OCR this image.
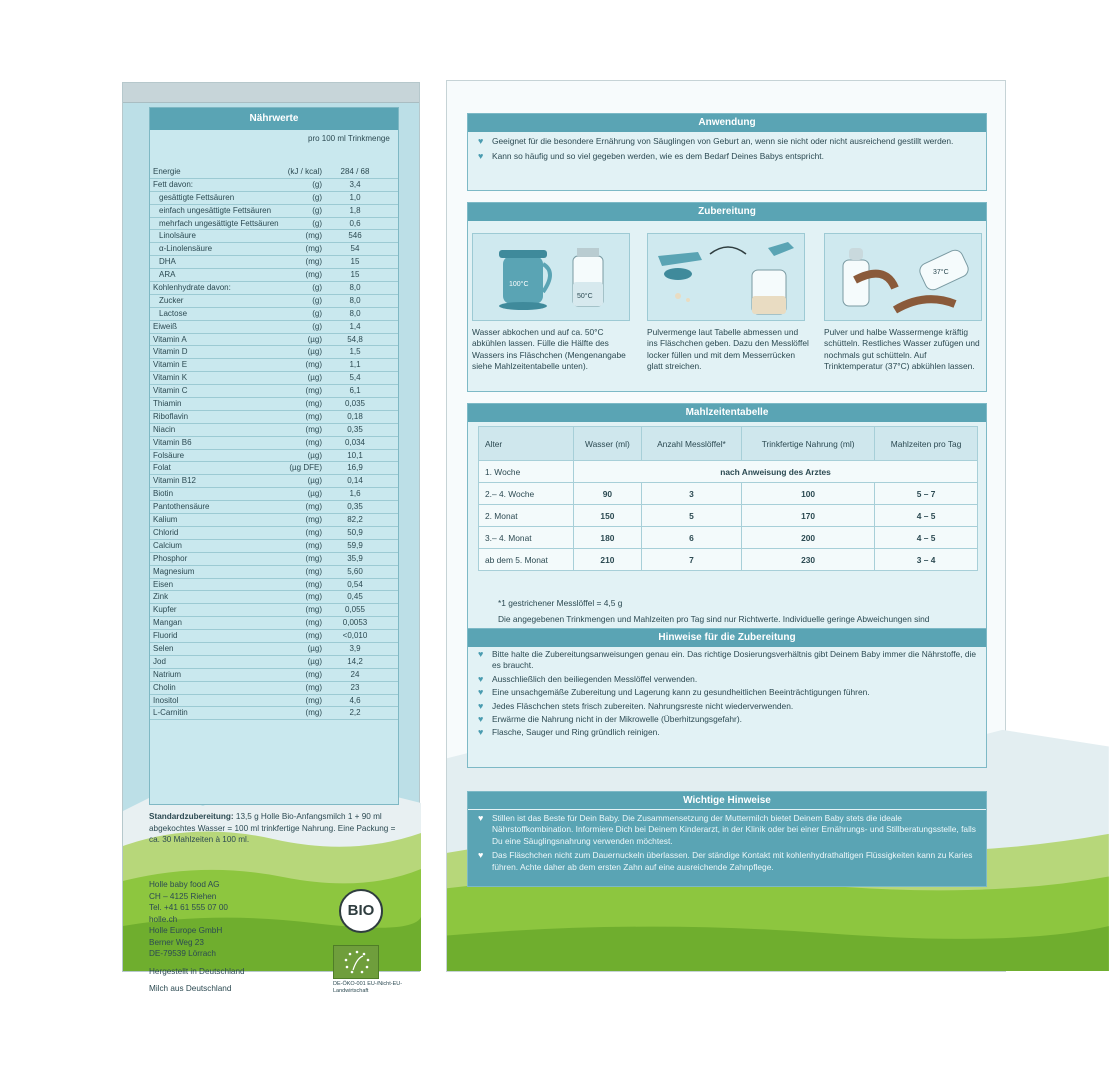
Nährwerte
pro 100 ml Trinkmenge
Energie	(kJ / kcal)	284 / 68
Fett davon:	(g)	3,4
gesättigte Fettsäuren	(g)	1,0
einfach ungesättigte Fettsäuren	(g)	1,8
mehrfach ungesättigte Fettsäuren	(g)	0,6
Linolsäure	(mg)	546
α-Linolensäure	(mg)	54
DHA	(mg)	15
ARA	(mg)	15
Kohlenhydrate davon:	(g)	8,0
Zucker	(g)	8,0
Lactose	(g)	8,0
Eiweiß	(g)	1,4
Vitamin A	(µg)	54,8
Vitamin D	(µg)	1,5
Vitamin E	(mg)	1,1
Vitamin K	(µg)	5,4
Vitamin C	(mg)	6,1
Thiamin	(mg)	0,035
Riboflavin	(mg)	0,18
Niacin	(mg)	0,35
Vitamin B6	(mg)	0,034
Folsäure	(µg)	10,1
Folat	(µg DFE)	16,9
Vitamin B12	(µg)	0,14
Biotin	(µg)	1,6
Pantothensäure	(mg)	0,35
Kalium	(mg)	82,2
Chlorid	(mg)	50,9
Calcium	(mg)	59,9
Phosphor	(mg)	35,9
Magnesium	(mg)	5,60
Eisen	(mg)	0,54
Zink	(mg)	0,45
Kupfer	(mg)	0,055
Mangan	(mg)	0,0053
Fluorid	(mg)	<0,010
Selen	(µg)	3,9
Jod	(µg)	14,2
Natrium	(mg)	24
Cholin	(mg)	23
Inositol	(mg)	4,6
L-Carnitin	(mg)	2,2
Standardzubereitung: 13,5 g Holle Bio-Anfangsmilch 1 + 90 ml abgekochtes Wasser = 100 ml trinkfertige Nahrung. Eine Packung = ca. 30 Mahlzeiten à 100 ml.
Holle baby food AG
CH – 4125 Riehen
Tel. +41 61 555 07 00
holle.ch
Holle Europe GmbH
Berner Weg 23
DE-79539 Lörrach
Hergestellt in Deutschland
Milch aus Deutschland
BIO
DE-ÖKO-001 EU-/Nicht-EU-Landwirtschaft
Anwendung
♥ Geeignet für die besondere Ernährung von Säuglingen von Geburt an, wenn sie nicht oder nicht ausreichend gestillt werden.
♥ Kann so häufig und so viel gegeben werden, wie es dem Bedarf Deines Babys entspricht.
Zubereitung
100°C
50°C
37°C
Wasser abkochen und auf ca. 50°C abkühlen lassen. Fülle die Hälfte des Wassers ins Fläschchen (Mengenangabe siehe Mahlzeitentabelle unten).
Pulvermenge laut Tabelle abmessen und ins Fläschchen geben. Dazu den Messlöffel locker füllen und mit dem Messerrücken glatt streichen.
Pulver und halbe Wassermenge kräftig schütteln. Restliches Wasser zufügen und nochmals gut schütteln. Auf Trinktemperatur (37°C) abkühlen lassen.
Mahlzeitentabelle
Alter	Wasser (ml)	Anzahl Messlöffel*	Trinkfertige Nahrung (ml)	Mahlzeiten pro Tag
1. Woche	nach Anweisung des Arztes			
2.– 4. Woche	90	3	100	5 – 7
2. Monat	150	5	170	4 – 5
3.– 4. Monat	180	6	200	4 – 5
ab dem 5. Monat	210	7	230	3 – 4
*1 gestrichener Messlöffel = 4,5 g
Die angegebenen Trinkmengen und Mahlzeiten pro Tag sind nur Richtwerte. Individuelle geringe Abweichungen sind
Hinweise für die Zubereitung
♥ Bitte halte die Zubereitungsanweisungen genau ein. Das richtige Dosierungsverhältnis gibt Deinem Baby immer die Nährstoffe, die es braucht.
♥ Ausschließlich den beiliegenden Messlöffel verwenden.
♥ Eine unsachgemäße Zubereitung und Lagerung kann zu gesundheitlichen Beeinträchtigungen führen.
♥ Jedes Fläschchen stets frisch zubereiten. Nahrungsreste nicht wiederverwenden.
♥ Erwärme die Nahrung nicht in der Mikrowelle (Überhitzungsgefahr).
♥ Flasche, Sauger und Ring gründlich reinigen.
Wichtige Hinweise
♥ Stillen ist das Beste für Dein Baby. Die Zusammensetzung der Muttermilch bietet Deinem Baby stets die ideale Nährstoffkombination. Informiere Dich bei Deinem Kinderarzt, in der Klinik oder bei einer Ernährungs- und Stillberatungsstelle, falls Du eine Säuglingsnahrung verwenden möchtest.
♥ Das Fläschchen nicht zum Dauernuckeln überlassen. Der ständige Kontakt mit kohlenhydrathaltigen Flüssigkeiten kann zu Karies führen. Achte daher ab dem ersten Zahn auf eine ausreichende Zahnpflege.
